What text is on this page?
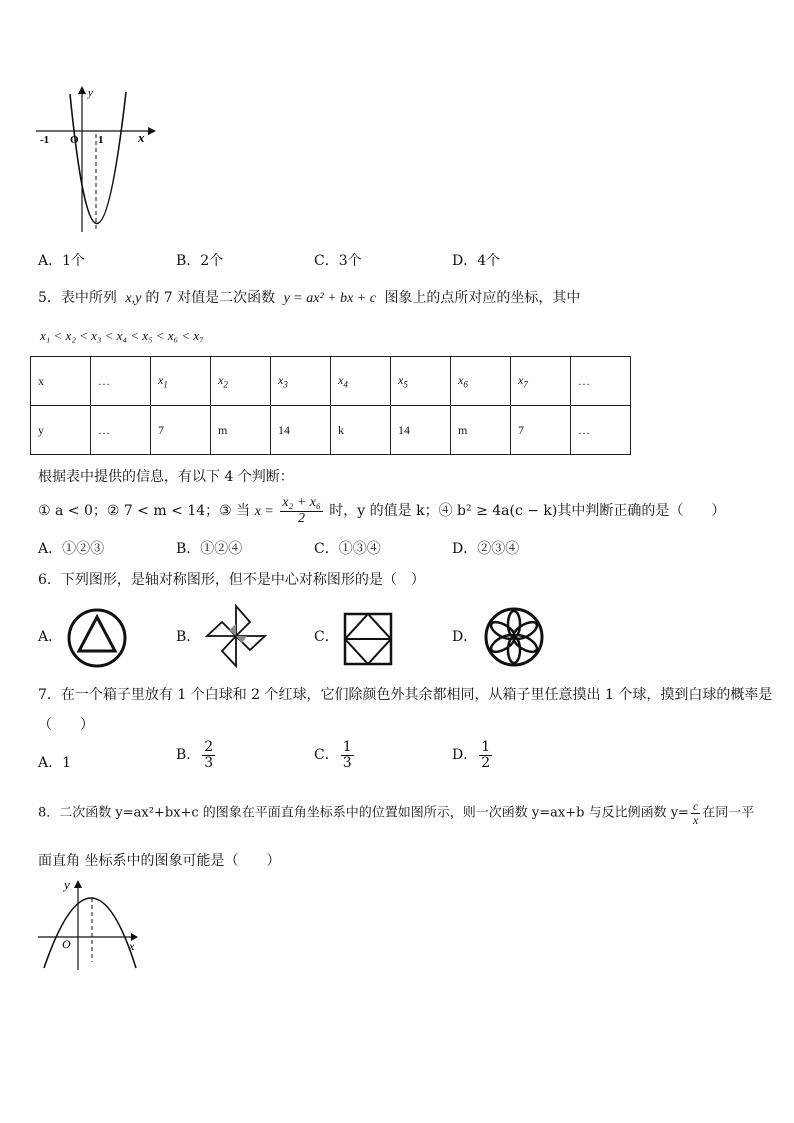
y
x
O
-1	1
A．1个	B．2个	C．3个	D．4个
5．表中所列 x,y 的 7 对值是二次函数 y = ax² + bx + c 图象上的点所对应的坐标，其中
x₁ < x₂ < x₃ < x₄ < x₅ < x₆ < x₇
x	…	$x_1$	$x_2$	$x_3$	$x_4$	$x_5$	$x_6$	$x_7$	…
y	…	7	m	14	k	14	m	7	…
根据表中提供的信息，有以下 4 个判断：
① a < 0；② 7 < m < 14；③ 当 $x = \frac{\text{x₂ + x₆}}{2}$ 时，y 的值是 k；④ b² ≥ 4a(c − k)其中判断正确的是（　　）
A．①②③	B．①②④	C．①③④	D．②③④
6．下列图形，是轴对称图形，但不是中心对称图形的是（　）
A．	B．	C．	D．
7．在一个箱子里放有 1 个白球和 2 个红球，它们除颜色外其余都相同，从箱子里任意摸出 1 个球，摸到白球的概率是
（　　）
A．1	B． $\frac{2}{3}$	C． $\frac{1}{3}$	D． $\frac{1}{2}$
8．二次函数 y=ax²+bx+c 的图象在平面直角坐标系中的位置如图所示，则一次函数 y=ax+b 与反比例函数 $y= \frac{c}{x}$ 在同一平
面直角 坐标系中的图象可能是（　　）
y
x
O
